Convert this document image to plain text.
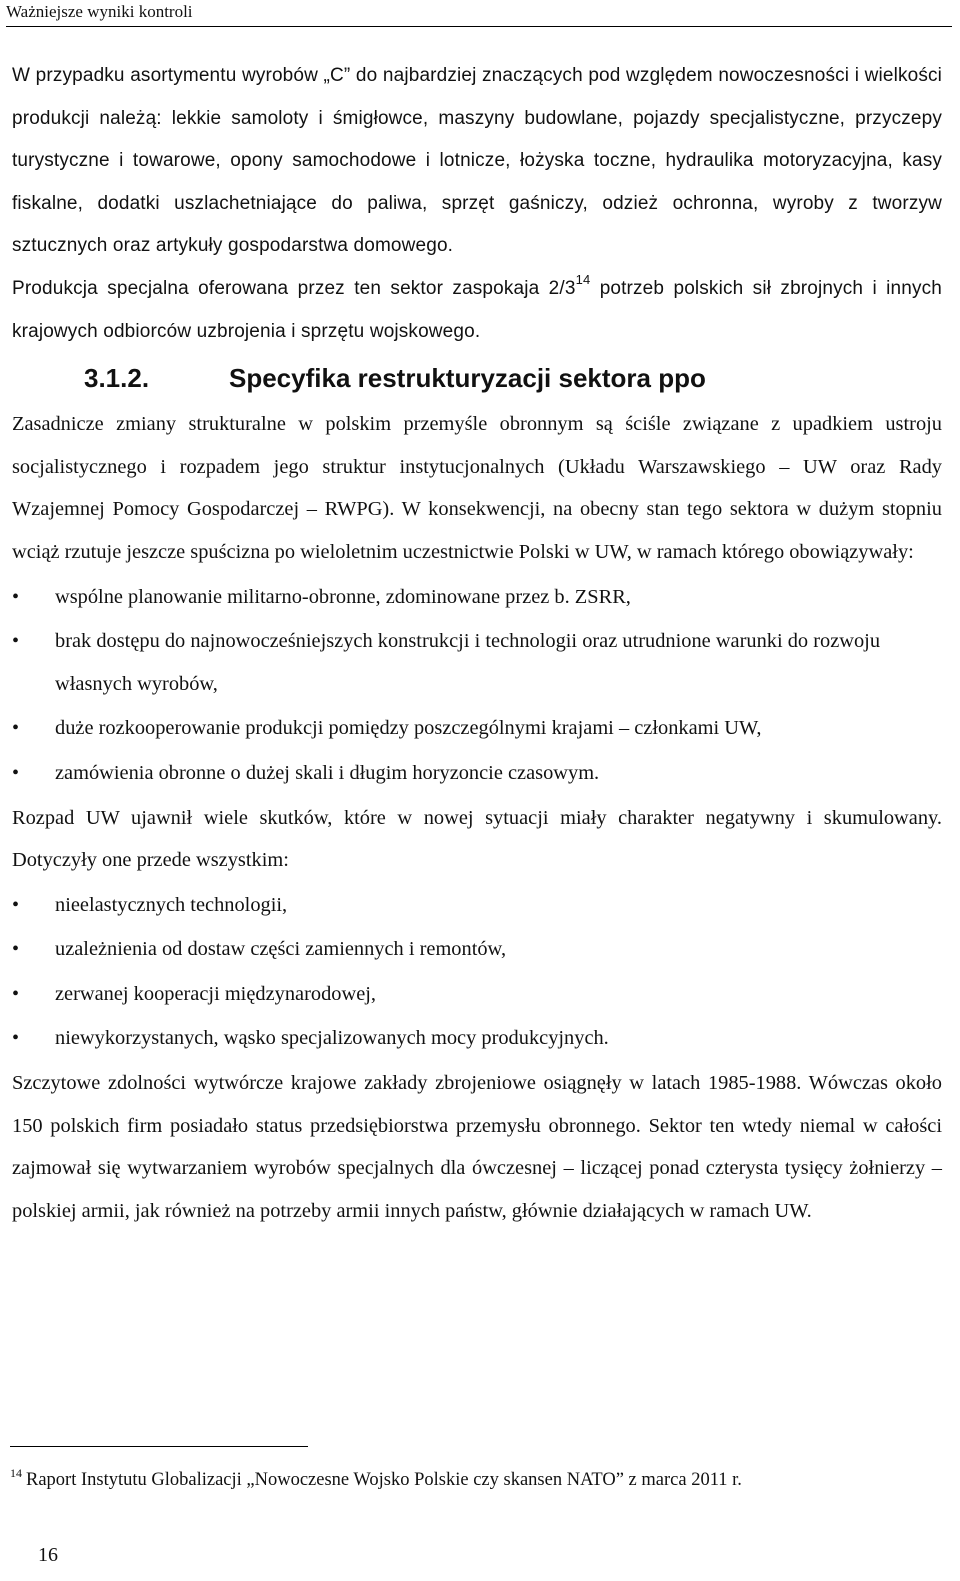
Ważniejsze wyniki kontroli

W przypadku asortymentu wyrobów „C” do najbardziej znaczących pod względem nowoczesności i wielkości produkcji należą: lekkie samoloty i śmigłowce, maszyny budowlane, pojazdy specjalistyczne, przyczepy turystyczne i towarowe, opony samochodowe i lotnicze, łożyska toczne, hydraulika motoryzacyjna, kasy fiskalne, dodatki uszlachetniające do paliwa, sprzęt gaśniczy, odzież ochronna, wyroby z tworzyw sztucznych oraz artykuły gospodarstwa domowego.

Produkcja specjalna oferowana przez ten sektor zaspokaja $2/3^{14}$ potrzeb polskich sił zbrojnych i innych krajowych odbiorców uzbrojenia i sprzętu wojskowego.

3.1.2.	Specyfika restrukturyzacji sektora ppo

Zasadnicze zmiany strukturalne w polskim przemyśle obronnym są ściśle związane z upadkiem ustroju socjalistycznego i rozpadem jego struktur instytucjonalnych (Układu Warszawskiego – UW oraz Rady Wzajemnej Pomocy Gospodarczej – RWPG). W konsekwencji, na obecny stan tego sektora w dużym stopniu wciąż rzutuje jeszcze spuścizna po wieloletnim uczestnictwie Polski w UW, w ramach którego obowiązywały:

•
wspólne planowanie militarno-obronne, zdominowane przez b. ZSRR,
•
brak dostępu do najnowocześniejszych konstrukcji i technologii oraz utrudnione warunki do rozwoju własnych wyrobów,
•
duże rozkooperowanie produkcji pomiędzy poszczególnymi krajami – członkami UW,
•
zamówienia obronne o dużej skali i długim horyzoncie czasowym.

Rozpad UW ujawnił wiele skutków, które w nowej sytuacji miały charakter negatywny i skumulowany. Dotyczyły one przede wszystkim:

•
nieelastycznych technologii,
•
uzależnienia od dostaw części zamiennych i remontów,
•
zerwanej kooperacji międzynarodowej,
•
niewykorzystanych, wąsko specjalizowanych mocy produkcyjnych.

Szczytowe zdolności wytwórcze krajowe zakłady zbrojeniowe osiągnęły w latach 1985-1988. Wówczas około 150 polskich firm posiadało status przedsiębiorstwa przemysłu obronnego. Sektor ten wtedy niemal w całości zajmował się wytwarzaniem wyrobów specjalnych dla ówczesnej – liczącej ponad czterysta tysięcy żołnierzy – polskiej armii, jak również na potrzeby armii innych państw, głównie działających w ramach UW.

$^{14}$ Raport Instytutu Globalizacji „Nowoczesne Wojsko Polskie czy skansen NATO” z marca 2011 r.
16
